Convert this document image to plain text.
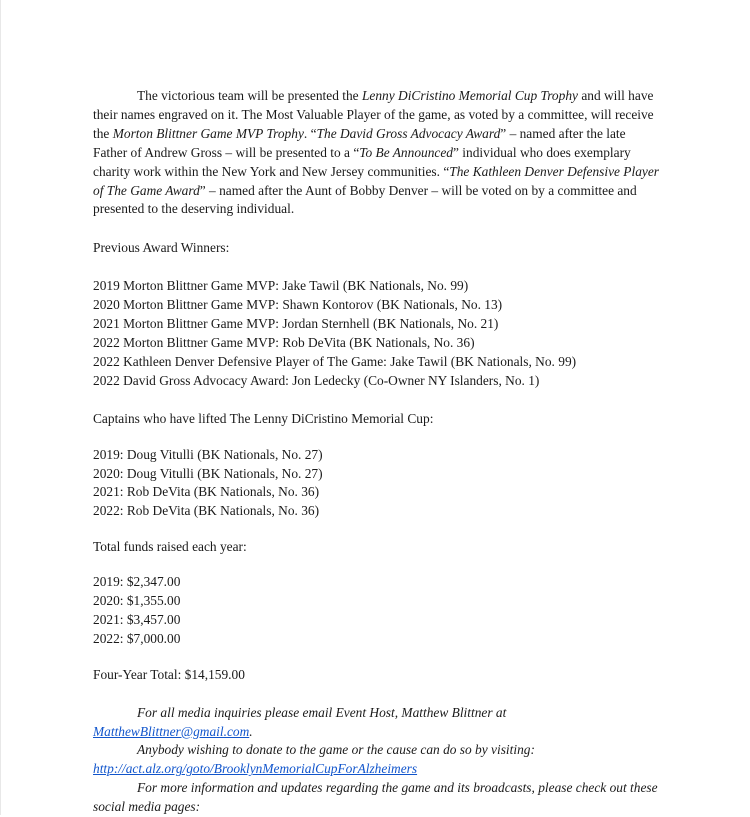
The victorious team will be presented the Lenny DiCristino Memorial Cup Trophy and will have their names engraved on it. The Most Valuable Player of the game, as voted by a committee, will receive the Morton Blittner Game MVP Trophy. “The David Gross Advocacy Award” – named after the late Father of Andrew Gross – will be presented to a “To Be Announced” individual who does exemplary charity work within the New York and New Jersey communities. “The Kathleen Denver Defensive Player of The Game Award” – named after the Aunt of Bobby Denver – will be voted on by a committee and presented to the deserving individual.

Previous Award Winners:
2019 Morton Blittner Game MVP: Jake Tawil (BK Nationals, No. 99)
2020 Morton Blittner Game MVP: Shawn Kontorov (BK Nationals, No. 13)
2021 Morton Blittner Game MVP: Jordan Sternhell (BK Nationals, No. 21)
2022 Morton Blittner Game MVP: Rob DeVita (BK Nationals, No. 36)
2022 Kathleen Denver Defensive Player of The Game: Jake Tawil (BK Nationals, No. 99)
2022 David Gross Advocacy Award: Jon Ledecky (Co-Owner NY Islanders, No. 1)
Captains who have lifted The Lenny DiCristino Memorial Cup:
2019: Doug Vitulli (BK Nationals, No. 27)
2020: Doug Vitulli (BK Nationals, No. 27)
2021: Rob DeVita (BK Nationals, No. 36)
2022: Rob DeVita (BK Nationals, No. 36)
Total funds raised each year:
2019: $2,347.00
2020: $1,355.00
2021: $3,457.00
2022: $7,000.00
Four-Year Total: $14,159.00
For all media inquiries please email Event Host, Matthew Blittner at
MatthewBlittner@gmail.com.
Anybody wishing to donate to the game or the cause can do so by visiting:
http://act.alz.org/goto/BrooklynMemorialCupForAlzheimers
For more information and updates regarding the game and its broadcasts, please check out these social media pages:
